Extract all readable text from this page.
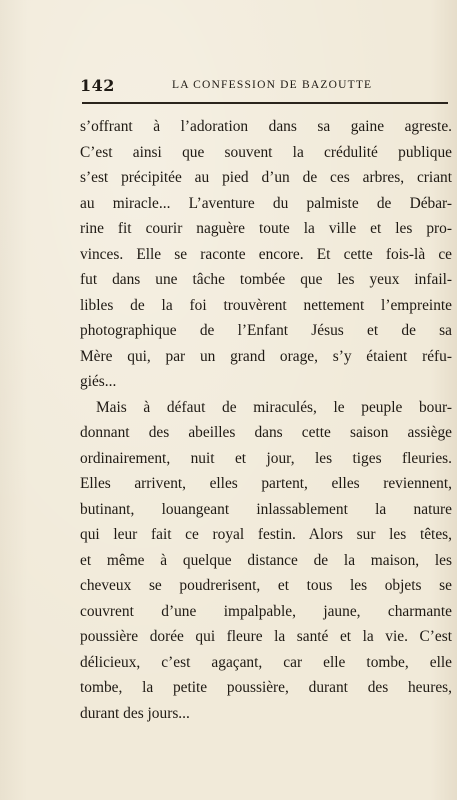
142	LA CONFESSION DE BAZOUTTE
s’offrant à l’adoration dans sa gaine agreste.
C’est ainsi que souvent la crédulité publique
s’est précipitée au pied d’un de ces arbres, criant
au miracle... L’aventure du palmiste de Débar-
rine fit courir naguère toute la ville et les pro-
vinces. Elle se raconte encore. Et cette fois-là ce
fut dans une tâche tombée que les yeux infail-
libles de la foi trouvèrent nettement l’empreinte
photographique de l’Enfant Jésus et de sa
Mère qui, par un grand orage, s’y étaient réfu-
giés...
Mais à défaut de miraculés, le peuple bour-
donnant des abeilles dans cette saison assiège
ordinairement, nuit et jour, les tiges fleuries.
Elles arrivent, elles partent, elles reviennent,
butinant, louangeant inlassablement la nature
qui leur fait ce royal festin. Alors sur les têtes,
et même à quelque distance de la maison, les
cheveux se poudrerisent, et tous les objets se
couvrent d’une impalpable, jaune, charmante
poussière dorée qui fleure la santé et la vie. C’est
délicieux, c’est agaçant, car elle tombe, elle
tombe, la petite poussière, durant des heures,
durant des jours...
